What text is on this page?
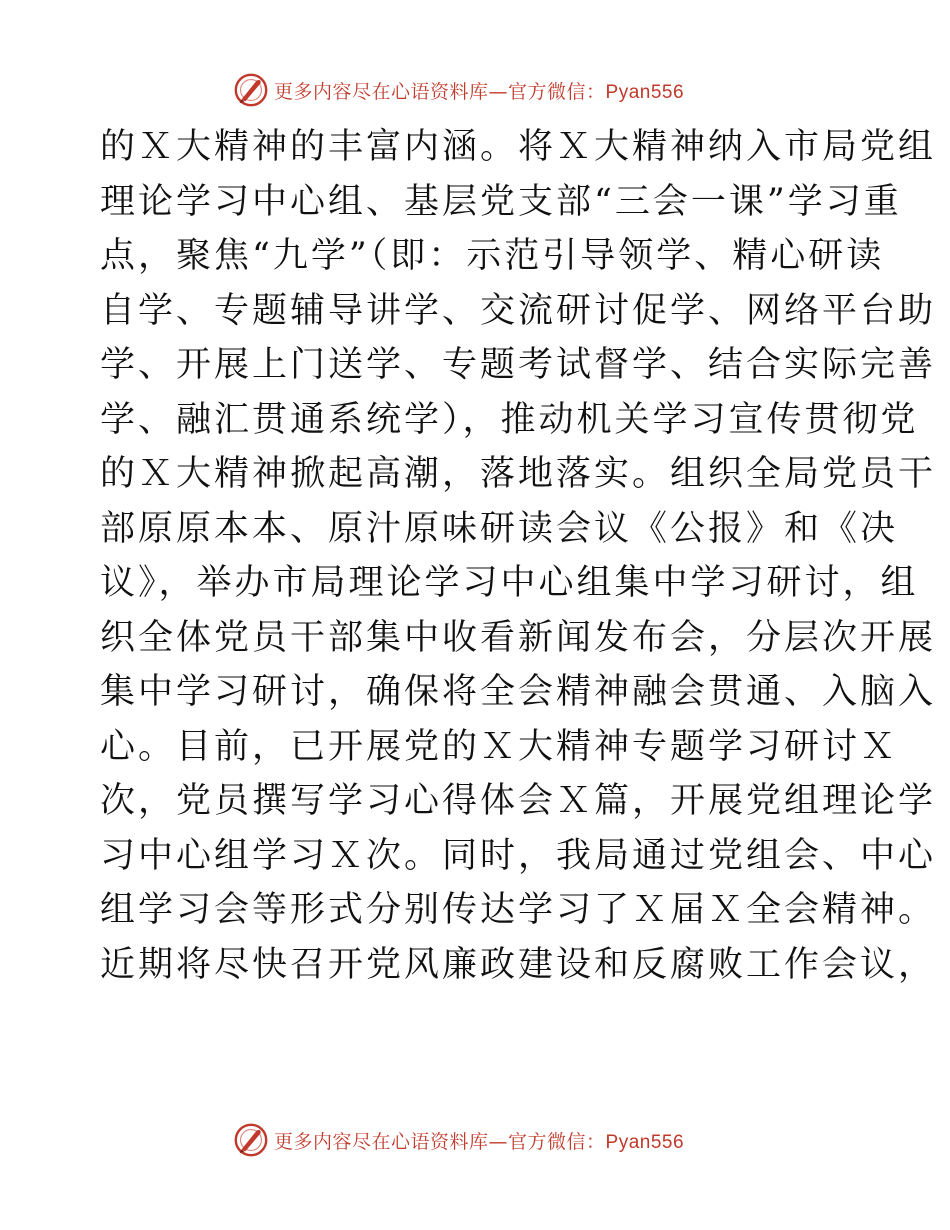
更多内容尽在心语资料库—官方微信：Pyan556
的Ｘ大精神的丰富内涵。将Ｘ大精神纳入市局党组
理论学习中心组、基层党支部“三会一课”学习重
点，聚焦“九学”（即：示范引导领学、精心研读
自学、专题辅导讲学、交流研讨促学、网络平台助
学、开展上门送学、专题考试督学、结合实际完善
学、融汇贯通系统学），推动机关学习宣传贯彻党
的Ｘ大精神掀起高潮，落地落实。组织全局党员干
部原原本本、原汁原味研读会议《公报》和《决
议》，举办市局理论学习中心组集中学习研讨，组
织全体党员干部集中收看新闻发布会，分层次开展
集中学习研讨，确保将全会精神融会贯通、入脑入
心。目前，已开展党的Ｘ大精神专题学习研讨Ｘ
次，党员撰写学习心得体会Ｘ篇，开展党组理论学
习中心组学习Ｘ次。同时，我局通过党组会、中心
组学习会等形式分别传达学习了Ｘ届Ｘ全会精神。
近期将尽快召开党风廉政建设和反腐败工作会议，
更多内容尽在心语资料库—官方微信：Pyan556
